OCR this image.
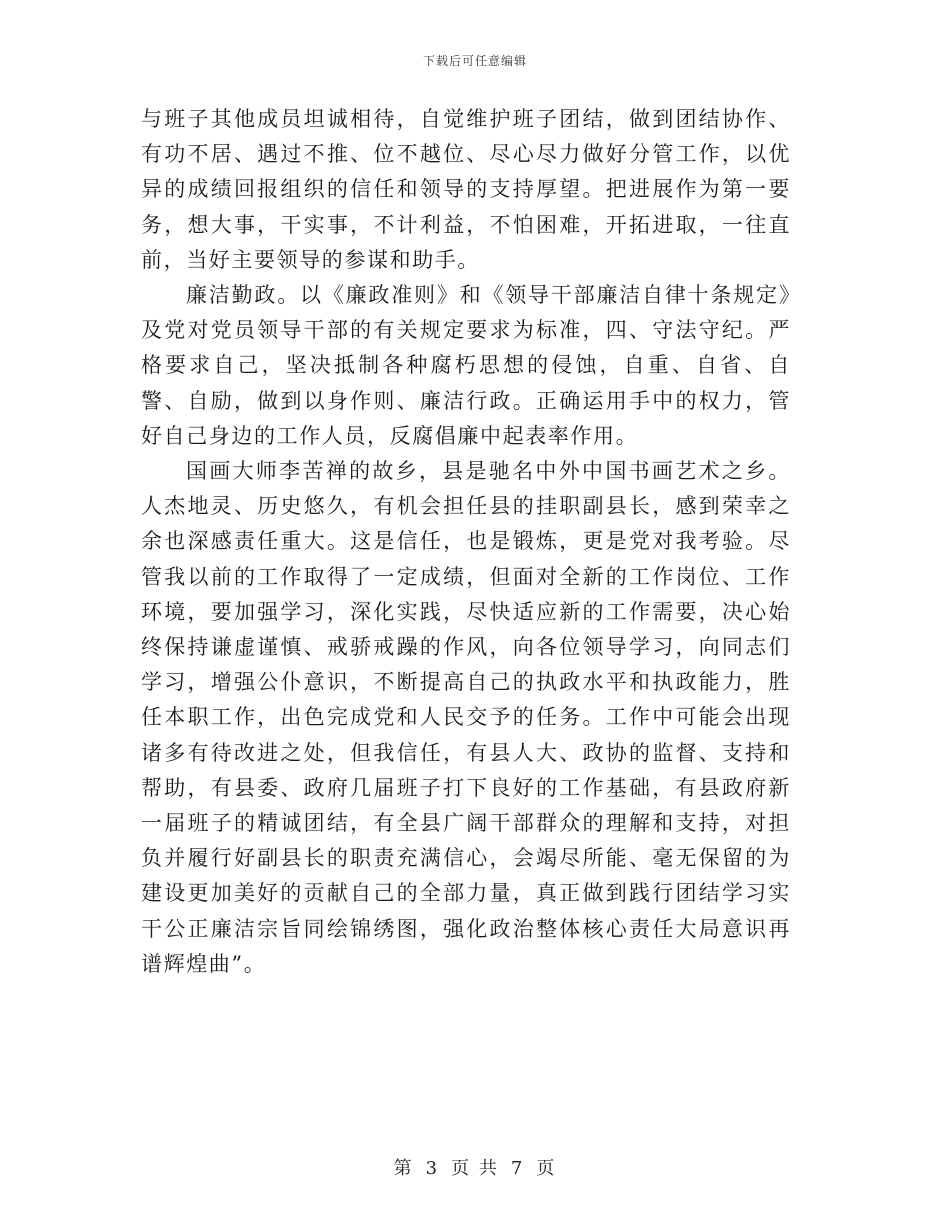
下载后可任意编辑

与班子其他成员坦诚相待，自觉维护班子团结，做到团结协作、有功不居、遇过不推、位不越位、尽心尽力做好分管工作，以优异的成绩回报组织的信任和领导的支持厚望。把进展作为第一要务，想大事，干实事，不计利益，不怕困难，开拓进取，一往直前，当好主要领导的参谋和助手。

廉洁勤政。以《廉政准则》和《领导干部廉洁自律十条规定》及党对党员领导干部的有关规定要求为标准，四、守法守纪。严格要求自己，坚决抵制各种腐朽思想的侵蚀，自重、自省、自警、自励，做到以身作则、廉洁行政。正确运用手中的权力，管好自己身边的工作人员，反腐倡廉中起表率作用。

国画大师李苦禅的故乡，县是驰名中外中国书画艺术之乡。人杰地灵、历史悠久，有机会担任县的挂职副县长，感到荣幸之余也深感责任重大。这是信任，也是锻炼，更是党对我考验。尽管我以前的工作取得了一定成绩，但面对全新的工作岗位、工作环境，要加强学习，深化实践，尽快适应新的工作需要，决心始终保持谦虚谨慎、戒骄戒躁的作风，向各位领导学习，向同志们学习，增强公仆意识，不断提高自己的执政水平和执政能力，胜任本职工作，出色完成党和人民交予的任务。工作中可能会出现诸多有待改进之处，但我信任，有县人大、政协的监督、支持和帮助，有县委、政府几届班子打下良好的工作基础，有县政府新一届班子的精诚团结，有全县广阔干部群众的理解和支持，对担负并履行好副县长的职责充满信心，会竭尽所能、毫无保留的为建设更加美好的贡献自己的全部力量，真正做到践行团结学习实干公正廉洁宗旨同绘锦绣图，强化政治整体核心责任大局意识再谱辉煌曲”。

第 3 页 共 7 页
